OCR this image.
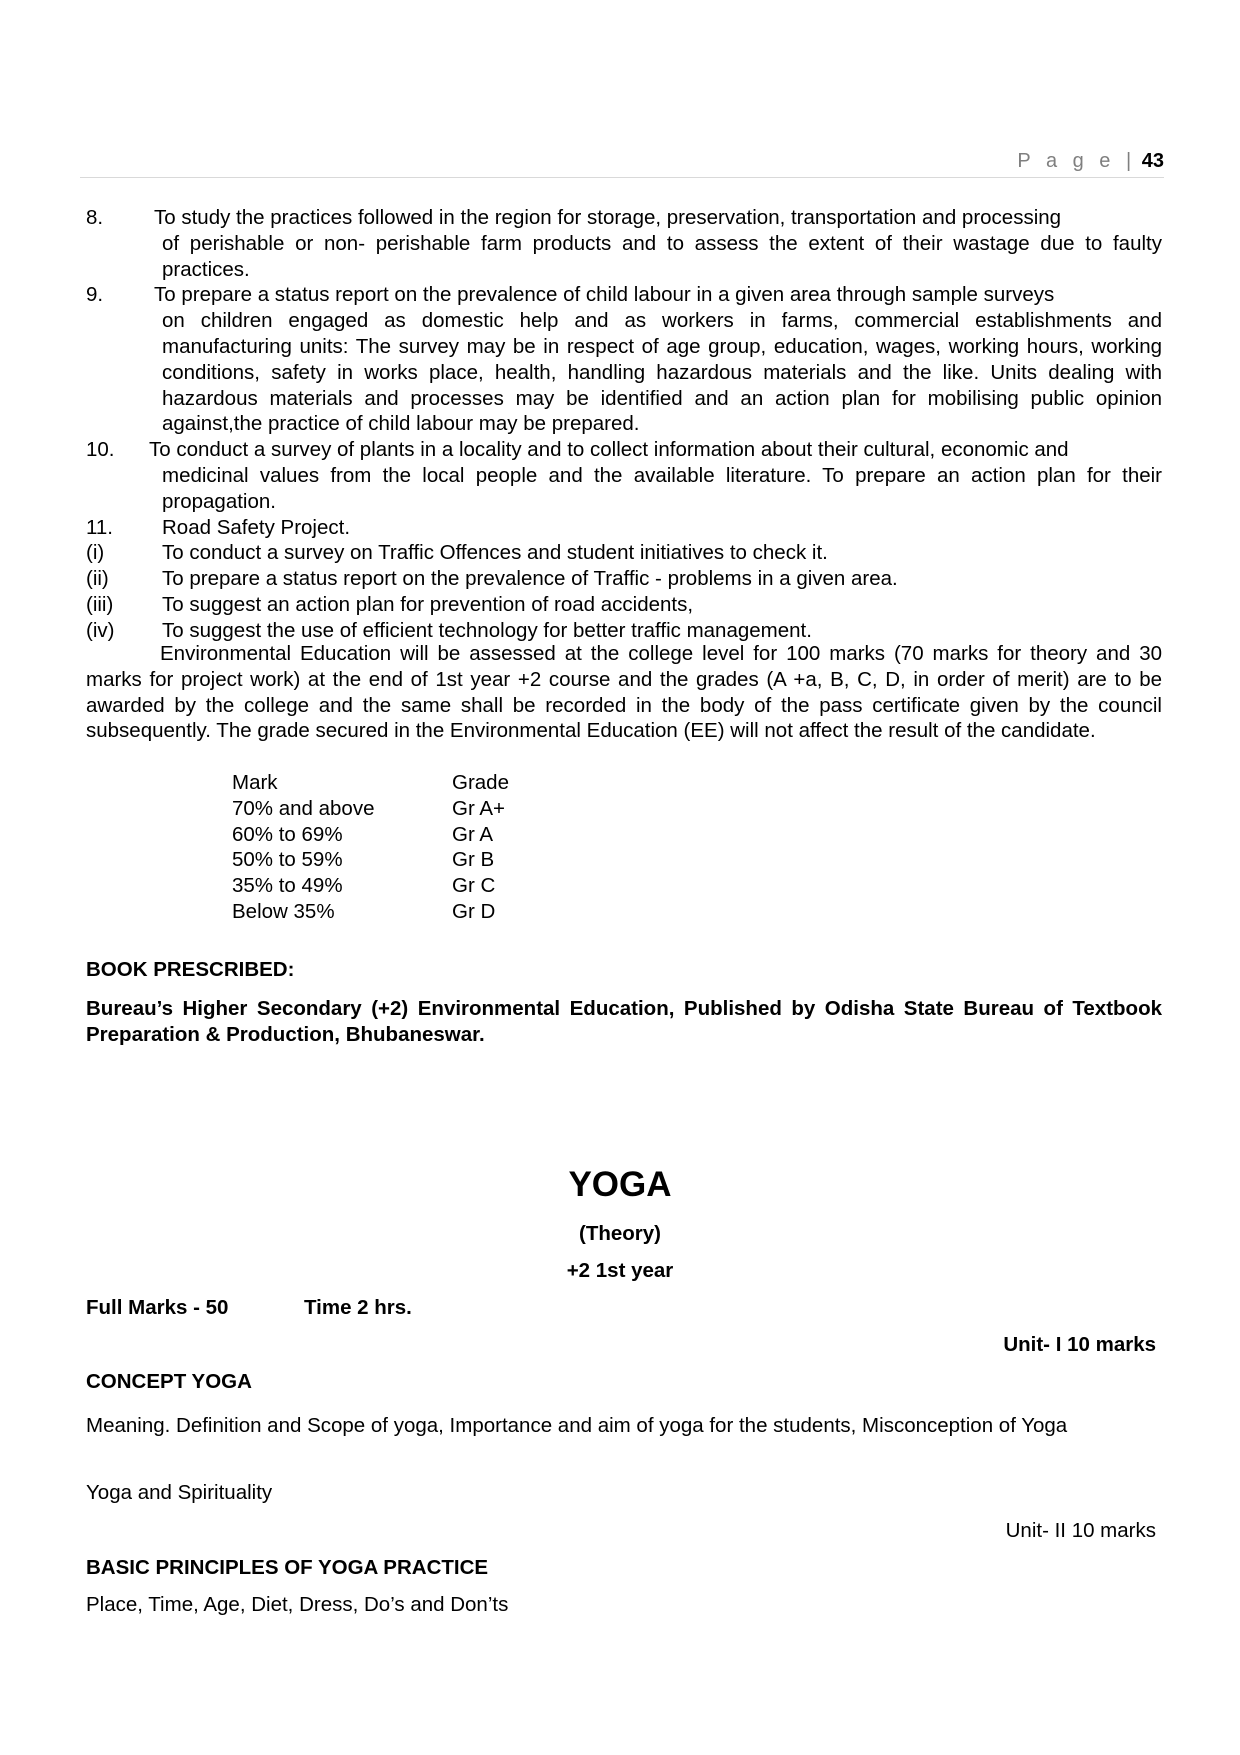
P a g e | 43
8. To study the practices followed in the region for storage, preservation, transportation and processing
of perishable or non- perishable farm products and to assess the extent of their wastage due to faulty practices.
9. To prepare a status report on the prevalence of child labour in a given area through sample surveys
on children engaged as domestic help and as workers in farms, commercial establishments and manufacturing units: The survey may be in respect of age group, education, wages, working hours, working conditions, safety in works place, health, handling hazardous materials and the like. Units dealing with hazardous materials and processes may be identified and an action plan for mobilising public opinion against,the practice of child labour may be prepared.
10. To conduct a survey of plants in a locality and to collect information about their cultural, economic and
medicinal values from the local people and the available literature. To prepare an action plan for their propagation.
11. Road Safety Project.
(i)	To conduct a survey on Traffic Offences and student initiatives to check it.
(ii)	To prepare a status report on the prevalence of Traffic - problems in a given area.
(iii) To suggest an action plan for prevention of road accidents,
(iv) To suggest the use of efficient technology for better traffic management.
Environmental Education will be assessed at the college level for 100 marks (70 marks for theory and 30 marks for project work) at the end of 1st year +2 course and the grades (A +a, B, C, D, in order of merit) are to be awarded by the college and the same shall be recorded in the body of the pass certificate given by the council subsequently. The grade secured in the Environmental Education (EE) will not affect the result of the candidate.
Mark	Grade
70% and above	Gr A+
60% to 69%	Gr A
50% to 59%	Gr B
35% to 49%	Gr C
Below 35%	Gr D
BOOK PRESCRIBED:
Bureau’s Higher Secondary (+2) Environmental Education, Published by Odisha State Bureau of Textbook Preparation & Production, Bhubaneswar.
YOGA
(Theory)
+2 1st year
Full Marks - 50	Time 2 hrs.
Unit- I 10 marks
CONCEPT YOGA
Meaning. Definition and Scope of yoga, Importance and aim of yoga for the students, Misconception of Yoga
Yoga and Spirituality
Unit- II 10 marks
BASIC PRINCIPLES OF YOGA PRACTICE
Place, Time, Age, Diet, Dress, Do’s and Don’ts
